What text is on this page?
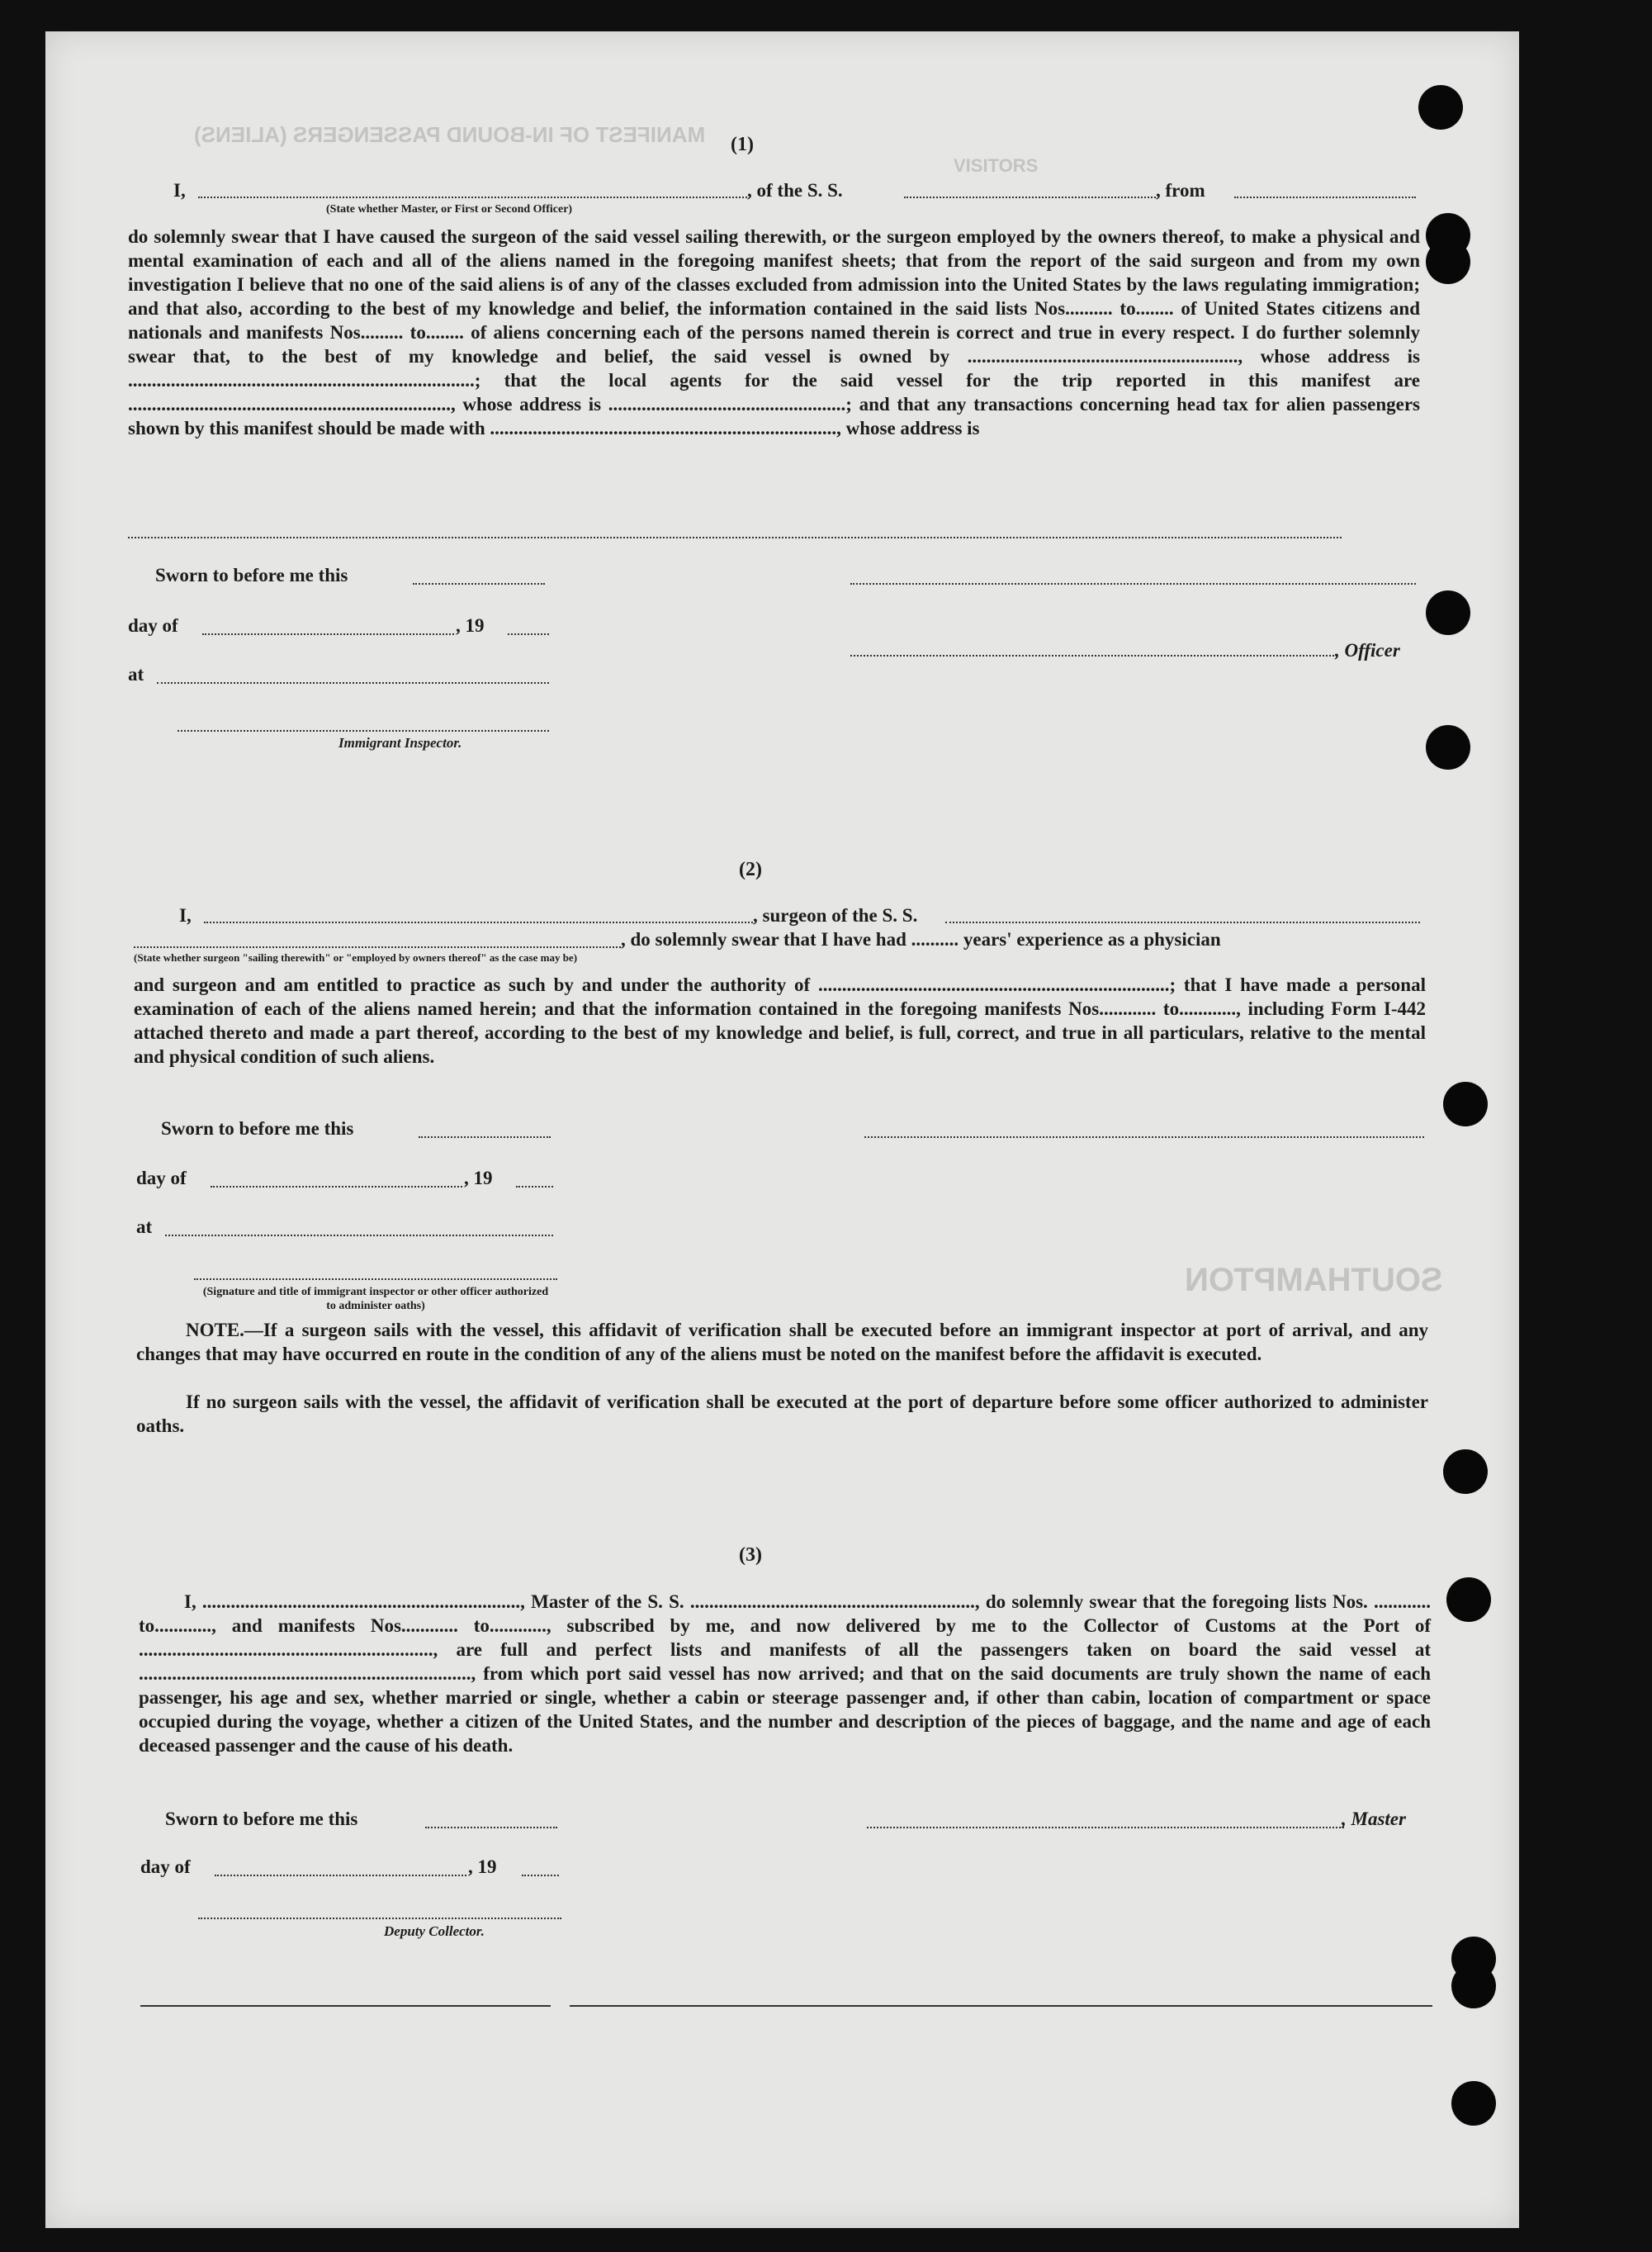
MANIFEST OF IN-BOUND PASSENGERS (ALIENS)
VISITORS
SOUTHAMPTON
(1)
I,	, of the S. S.	, from
(State whether Master, or First or Second Officer)
do solemnly swear that I have caused the surgeon of the said vessel sailing therewith, or the surgeon employed by the owners thereof, to make a physical and mental examination of each and all of the aliens named in the foregoing manifest sheets; that from the report of the said surgeon and from my own investigation I believe that no one of the said aliens is of any of the classes excluded from admission into the United States by the laws regulating immigration; and that also, according to the best of my knowledge and belief, the information contained in the said lists Nos.......... to........ of United States citizens and nationals and manifests Nos......... to........ of aliens concerning each of the persons named therein is correct and true in every respect. I do further solemnly swear that, to the best of my knowledge and belief, the said vessel is owned by ........................................................., whose address is .........................................................................; that the local agents for the said vessel for the trip reported in this manifest are ...................................................................., whose address is ..................................................; and that any transactions concerning head tax for alien passengers shown by this manifest should be made with ........................................................................., whose address is
Sworn to before me this
day of	, 19
, Officer
at
Immigrant Inspector.
(2)
I,	, surgeon of the S. S.
, do solemnly swear that I have had .......... years' experience as a physician
(State whether surgeon "sailing therewith" or "employed by owners thereof" as the case may be)
and surgeon and am entitled to practice as such by and under the authority of ..........................................................................; that I have made a personal examination of each of the aliens named herein; and that the information contained in the foregoing manifests Nos............ to............, including Form I-442 attached thereto and made a part thereof, according to the best of my knowledge and belief, is full, correct, and true in all particulars, relative to the mental and physical condition of such aliens.
Sworn to before me this
day of	, 19
at
(Signature and title of immigrant inspector or other officer authorized to administer oaths)
NOTE.—If a surgeon sails with the vessel, this affidavit of verification shall be executed before an immigrant inspector at port of arrival, and any changes that may have occurred en route in the condition of any of the aliens must be noted on the manifest before the affidavit is executed.
If no surgeon sails with the vessel, the affidavit of verification shall be executed at the port of departure before some officer authorized to administer oaths.
(3)
I, ..................................................................., Master of the S. S. ............................................................, do solemnly swear that the foregoing lists Nos. ............ to............, and manifests Nos............ to............, subscribed by me, and now delivered by me to the Collector of Customs at the Port of .............................................................., are full and perfect lists and manifests of all the passengers taken on board the said vessel at ......................................................................, from which port said vessel has now arrived; and that on the said documents are truly shown the name of each passenger, his age and sex, whether married or single, whether a cabin or steerage passenger and, if other than cabin, location of compartment or space occupied during the voyage, whether a citizen of the United States, and the number and description of the pieces of baggage, and the name and age of each deceased passenger and the cause of his death.
Sworn to before me this	, Master
day of	, 19
Deputy Collector.
